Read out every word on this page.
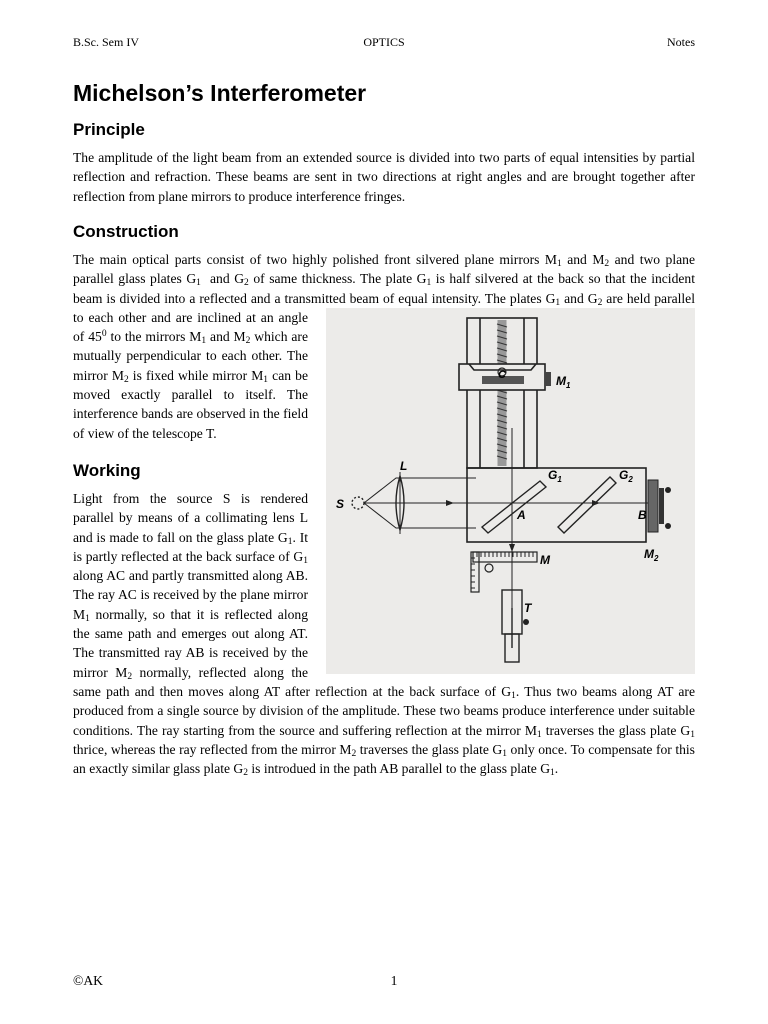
B.Sc. Sem IV	OPTICS	Notes
Michelson’s Interferometer
Principle

The amplitude of the light beam from an extended source is divided into two parts of equal intensities by partial reflection and refraction. These beams are sent in two directions at right angles and are brought together after reflection from plane mirrors to produce interference fringes.

Construction

The main optical parts consist of two highly polished front silvered plane mirrors $M_1$ and $M_2$ and two plane parallel glass plates $G_1$  and $G_2$ of same thickness. The plate $G_1$ is half silvered at the back so that the incident beam is divided into a reflected and a transmitted beam of equal intensity. The
C	$M_1$
$M_2$
$G_1$	$G_2$
S
L
A	B
M
T
plates $G_1$ and $G_2$ are held parallel to each other and are inclined at an angle of $45^0$ to the mirrors $M_1$ and $M_2$ which are mutually perpendicular to each other. The mirror $M_2$ is fixed while mirror $M_1$ can be moved exactly parallel to itself. The interference bands are observed in the field of view of the telescope T.

Working

Light from the source S is rendered parallel by means of a collimating lens L and is made to fall on the glass plate $G_1$. It is partly reflected at the back surface of $G_1$ along AC and partly transmitted along AB. The ray AC is received by the plane mirror $M_1$ normally, so that it is reflected along the same path and emerges out along AT. The transmitted ray AB is received by the mirror $M_2$ normally, reflected along the same path and then moves along AT after reflection at the back surface of $G_1$. Thus two beams along AT are produced from a single source by division of the amplitude. These two beams produce interference under suitable conditions. The ray starting from the source and suffering reflection at the mirror $M_1$ traverses the glass plate $G_1$ thrice, whereas the ray reflected from the mirror $M_2$ traverses the glass plate $G_1$ only once. To compensate for this an exactly similar glass plate $G_2$ is introdued in the path AB parallel to the glass plate $G_1$.

©AK	1
